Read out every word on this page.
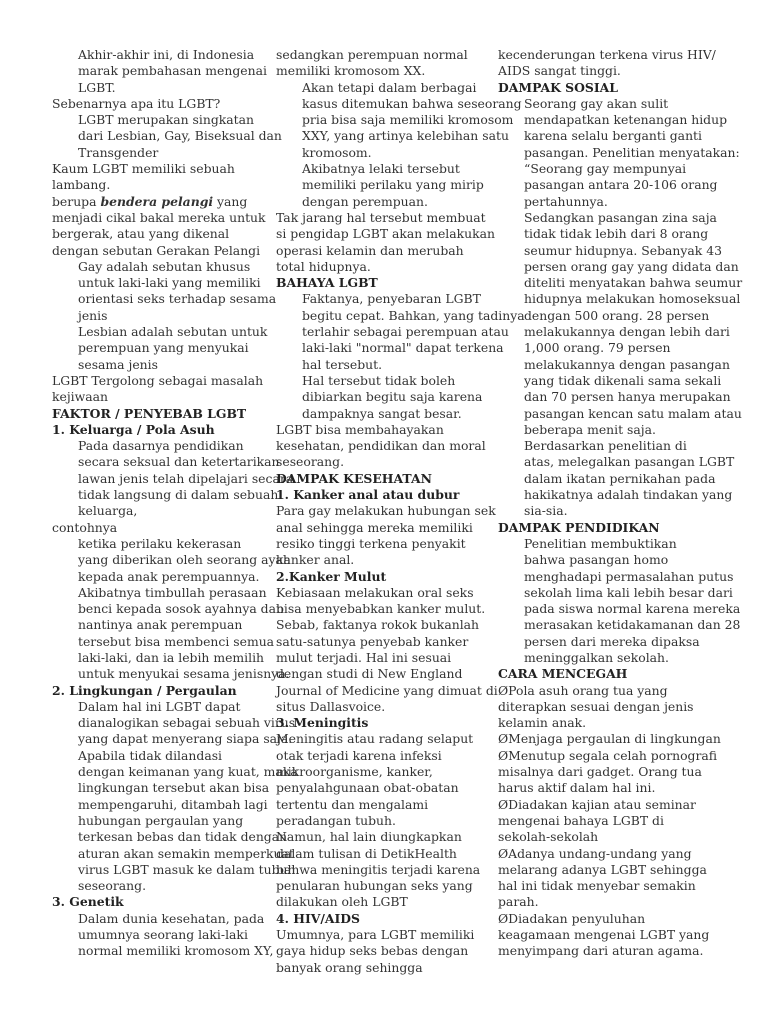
Akhir-akhir ini, di Indonesia
marak pembahasan mengenai
LGBT.
Sebenarnya apa itu LGBT?
LGBT merupakan singkatan
dari Lesbian, Gay, Biseksual dan
Transgender
Kaum LGBT memiliki sebuah
lambang.
berupa bendera pelangi yang
menjadi cikal bakal mereka untuk
bergerak, atau yang dikenal
dengan sebutan Gerakan Pelangi
Gay adalah sebutan khusus
untuk laki-laki yang memiliki
orientasi seks terhadap sesama
jenis
Lesbian adalah sebutan untuk
perempuan yang menyukai
sesama jenis
LGBT Tergolong sebagai masalah
kejiwaan
FAKTOR / PENYEBAB LGBT
1. Keluarga / Pola Asuh
Pada dasarnya pendidikan
secara seksual dan ketertarikan
lawan jenis telah dipelajari secara
tidak langsung di dalam sebuah
keluarga,
contohnya
ketika perilaku kekerasan
yang diberikan oleh seorang ayah
kepada anak perempuannya.
Akibatnya timbullah perasaan
benci kepada sosok ayahnya dan
nantinya anak perempuan
tersebut bisa membenci semua
laki-laki, dan ia lebih memilih
untuk menyukai sesama jenisnya.
2. Lingkungan / Pergaulan
Dalam hal ini LGBT dapat
dianalogikan sebagai sebuah virus
yang dapat menyerang siapa saja.
Apabila tidak dilandasi
dengan keimanan yang kuat, maka
lingkungan tersebut akan bisa
mempengaruhi, ditambah lagi
hubungan pergaulan yang
terkesan bebas dan tidak dengan
aturan akan semakin memperkuat
virus LGBT masuk ke dalam tubuh
seseorang.
3. Genetik
Dalam dunia kesehatan, pada
umumnya seorang laki-laki
normal memiliki kromosom XY,
sedangkan perempuan normal
memiliki kromosom XX.
Akan tetapi dalam berbagai
kasus ditemukan bahwa seseorang
pria bisa saja memiliki kromosom
XXY, yang artinya kelebihan satu
kromosom.
Akibatnya lelaki tersebut
memiliki perilaku yang mirip
dengan perempuan.
Tak jarang hal tersebut membuat
si pengidap LGBT akan melakukan
operasi kelamin dan merubah
total hidupnya.
BAHAYA LGBT
Faktanya, penyebaran LGBT
begitu cepat. Bahkan, yang tadinya
terlahir sebagai perempuan atau
laki-laki "normal" dapat terkena
hal tersebut.
Hal tersebut tidak boleh
dibiarkan begitu saja karena
dampaknya sangat besar.
LGBT bisa membahayakan
kesehatan, pendidikan dan moral
seseorang.
DAMPAK KESEHATAN
1. Kanker anal atau dubur
Para gay melakukan hubungan sek
anal sehingga mereka memiliki
resiko tinggi terkena penyakit
kanker anal.
2.Kanker Mulut
Kebiasaan melakukan oral seks
bisa menyebabkan kanker mulut.
Sebab, faktanya rokok bukanlah
satu-satunya penyebab kanker
mulut terjadi. Hal ini sesuai
dengan studi di New England
Journal of Medicine yang dimuat di
situs Dallasvoice.
3. Meningitis
Meningitis atau radang selaput
otak terjadi karena infeksi
mikroorganisme, kanker,
penyalahgunaan obat-obatan
tertentu dan mengalami
peradangan tubuh.
Namun, hal lain diungkapkan
dalam tulisan di DetikHealth
bahwa meningitis terjadi karena
penularan hubungan seks yang
dilakukan oleh LGBT
4. HIV/AIDS
Umumnya, para LGBT memiliki
gaya hidup seks bebas dengan
banyak orang sehingga
kecenderungan terkena virus HIV/
AIDS sangat tinggi.
DAMPAK SOSIAL
Seorang gay akan sulit
mendapatkan ketenangan hidup
karena selalu berganti ganti
pasangan. Penelitian menyatakan:
“Seorang gay mempunyai
pasangan antara 20-106 orang
pertahunnya.
Sedangkan pasangan zina saja
tidak tidak lebih dari 8 orang
seumur hidupnya. Sebanyak 43
persen orang gay yang didata dan
diteliti menyatakan bahwa seumur
hidupnya melakukan homoseksual
dengan 500 orang. 28 persen
melakukannya dengan lebih dari
1,000 orang. 79 persen
melakukannya dengan pasangan
yang tidak dikenali sama sekali
dan 70 persen hanya merupakan
pasangan kencan satu malam atau
beberapa menit saja.
Berdasarkan penelitian di
atas, melegalkan pasangan LGBT
dalam ikatan pernikahan pada
hakikatnya adalah tindakan yang
sia-sia.
DAMPAK PENDIDIKAN
Penelitian membuktikan
bahwa pasangan homo
menghadapi permasalahan putus
sekolah lima kali lebih besar dari
pada siswa normal karena mereka
merasakan ketidakamanan dan 28
persen dari mereka dipaksa
meninggalkan sekolah.
CARA MENCEGAH
ØPola asuh orang tua yang
diterapkan sesuai dengan jenis
kelamin anak.
ØMenjaga pergaulan di lingkungan
ØMenutup segala celah pornografi
misalnya dari gadget. Orang tua
harus aktif dalam hal ini.
ØDiadakan kajian atau seminar
mengenai bahaya LGBT di
sekolah-sekolah
ØAdanya undang-undang yang
melarang adanya LGBT sehingga
hal ini tidak menyebar semakin
parah.
ØDiadakan penyuluhan
keagamaan mengenai LGBT yang
menyimpang dari aturan agama.
